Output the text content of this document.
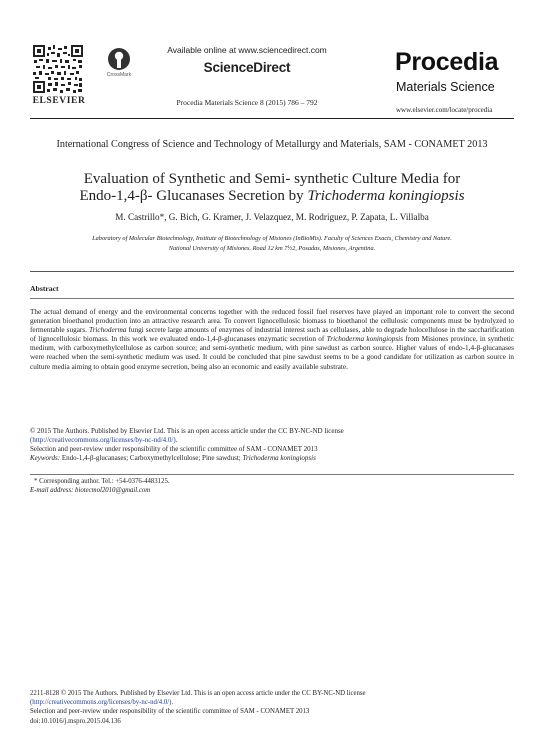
ELSEVIER
CrossMark
Available online at www.sciencedirect.com
ScienceDirect
Procedia Materials Science 8 (2015) 786 – 792
Procedia
Materials Science
www.elsevier.com/locate/procedia
International Congress of Science and Technology of Metallurgy and Materials, SAM - CONAMET 2013
Evaluation of Synthetic and Semi- synthetic Culture Media for
Endo-1,4-β- Glucanases Secretion by Trichoderma koningiopsis
M. Castrillo*, G. Bich, G. Kramer, J. Velazquez, M. Rodriguez, P. Zapata, L. Villalba
Laboratory of Molecular Biotechnology, Institute of Biotechnology of Misiones (InBioMis). Faculty of Sciences Exacts, Chemistry and Nature.
National University of Misiones. Road 12 km 7½2, Posadas, Misiones, Argentina.
Abstract
The actual demand of energy and the environmental concerns together with the reduced fossil fuel reserves have played an important role to convert the second generation bioethanol production into an attractive research area. To convert lignocellulosic biomass to bioethanol the cellulosic components must be hydrolyzed to fermentable sugars. Trichoderma fungi secrete large amounts of enzymes of industrial interest such as cellulases, able to degrade holocellulose in the saccharification of lignocellulosic biomass. In this work we evaluated endo-1,4-β-glucanases enzymatic secretion of Trichoderma koningiopsis from Misiones province, in synthetic medium, with carboxymethylcellulose as carbon source; and semi-synthetic medium, with pine sawdust as carbon source. Higher values of endo-1,4-β-glucanases were reached when the semi-synthetic medium was used. It could be concluded that pine sawdust seems to be a good candidate for utilization as carbon source in culture media aiming to obtain good enzyme secretion, being also an economic and easily available substrate.
© 2015 The Authors. Published by Elsevier Ltd. This is an open access article under the CC BY-NC-ND license
(http://creativecommons.org/licenses/by-nc-nd/4.0/).
Selection and peer-review under responsibility of the scientific committee of SAM - CONAMET 2013
Keywords: Endo-1,4-β-glucanases; Carboxymethylcellulose; Pine sawdust; Trichoderma koningiopsis
* Corresponding author. Tel.: +54-0376-4483125.
E-mail address: biotecmol2010@gmail.com
2211-8128 © 2015 The Authors. Published by Elsevier Ltd. This is an open access article under the CC BY-NC-ND license
(http://creativecommons.org/licenses/by-nc-nd/4.0/).
Selection and peer-review under responsibility of the scientific committee of SAM - CONAMET 2013
doi:10.1016/j.mspro.2015.04.136
